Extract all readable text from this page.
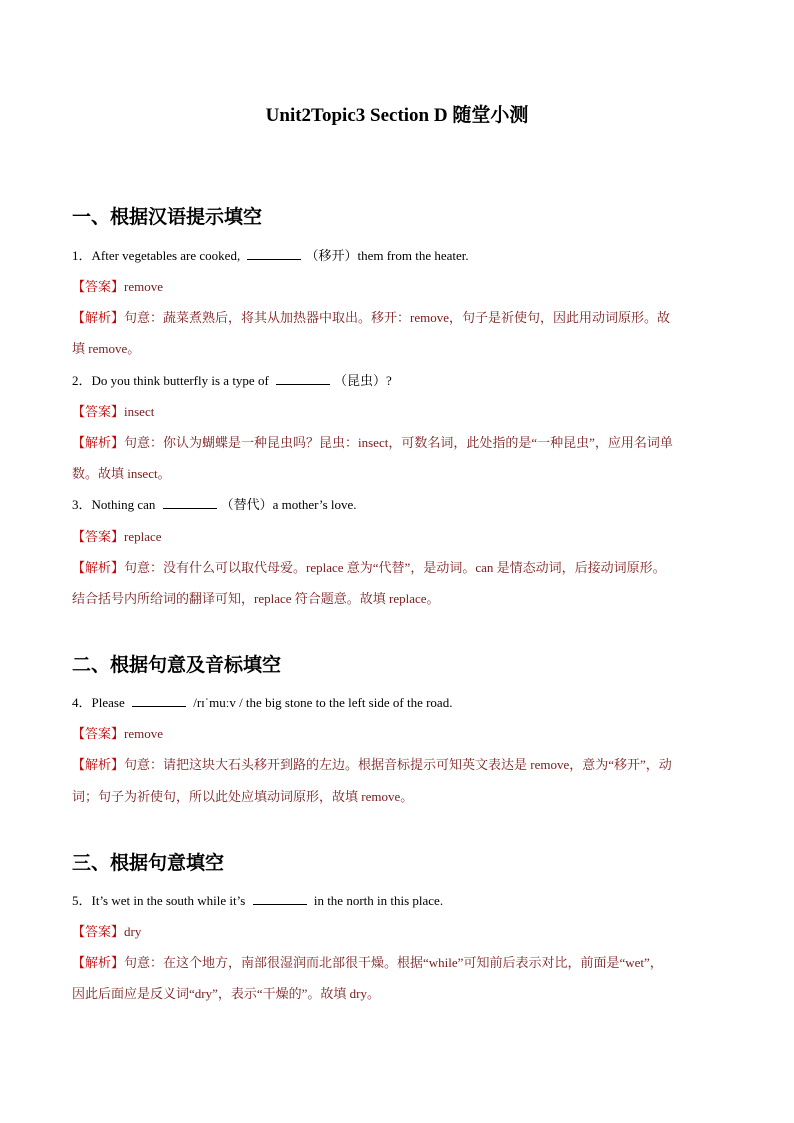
Unit2Topic3 Section D 随堂小测
一、根据汉语提示填空
1．After vegetables are cooked,	（移开）them from the heater.
【答案】remove
【解析】句意：蔬菜煮熟后，将其从加热器中取出。移开：remove，句子是祈使句，因此用动词原形。故
填 remove。
2．Do you think butterfly is a type of	（昆虫）?
【答案】insect
【解析】句意：你认为蝴蝶是一种昆虫吗？昆虫：insect，可数名词，此处指的是“一种昆虫”，应用名词单
数。故填 insect。
3．Nothing can	（替代）a mother’s love.
【答案】replace
【解析】句意：没有什么可以取代母爱。replace 意为“代替”，是动词。can 是情态动词，后接动词原形。
结合括号内所给词的翻译可知，replace 符合题意。故填 replace。
二、根据句意及音标填空
4．Please	/rɪˈmuːv / the big stone to the left side of the road.
【答案】remove
【解析】句意：请把这块大石头移开到路的左边。根据音标提示可知英文表达是 remove，意为“移开”，动
词；句子为祈使句，所以此处应填动词原形，故填 remove。
三、根据句意填空
5．It’s wet in the south while it’s	in the north in this place.
【答案】dry
【解析】句意：在这个地方，南部很湿润而北部很干燥。根据“while”可知前后表示对比，前面是“wet”，
因此后面应是反义词“dry”，表示“干燥的”。故填 dry。
